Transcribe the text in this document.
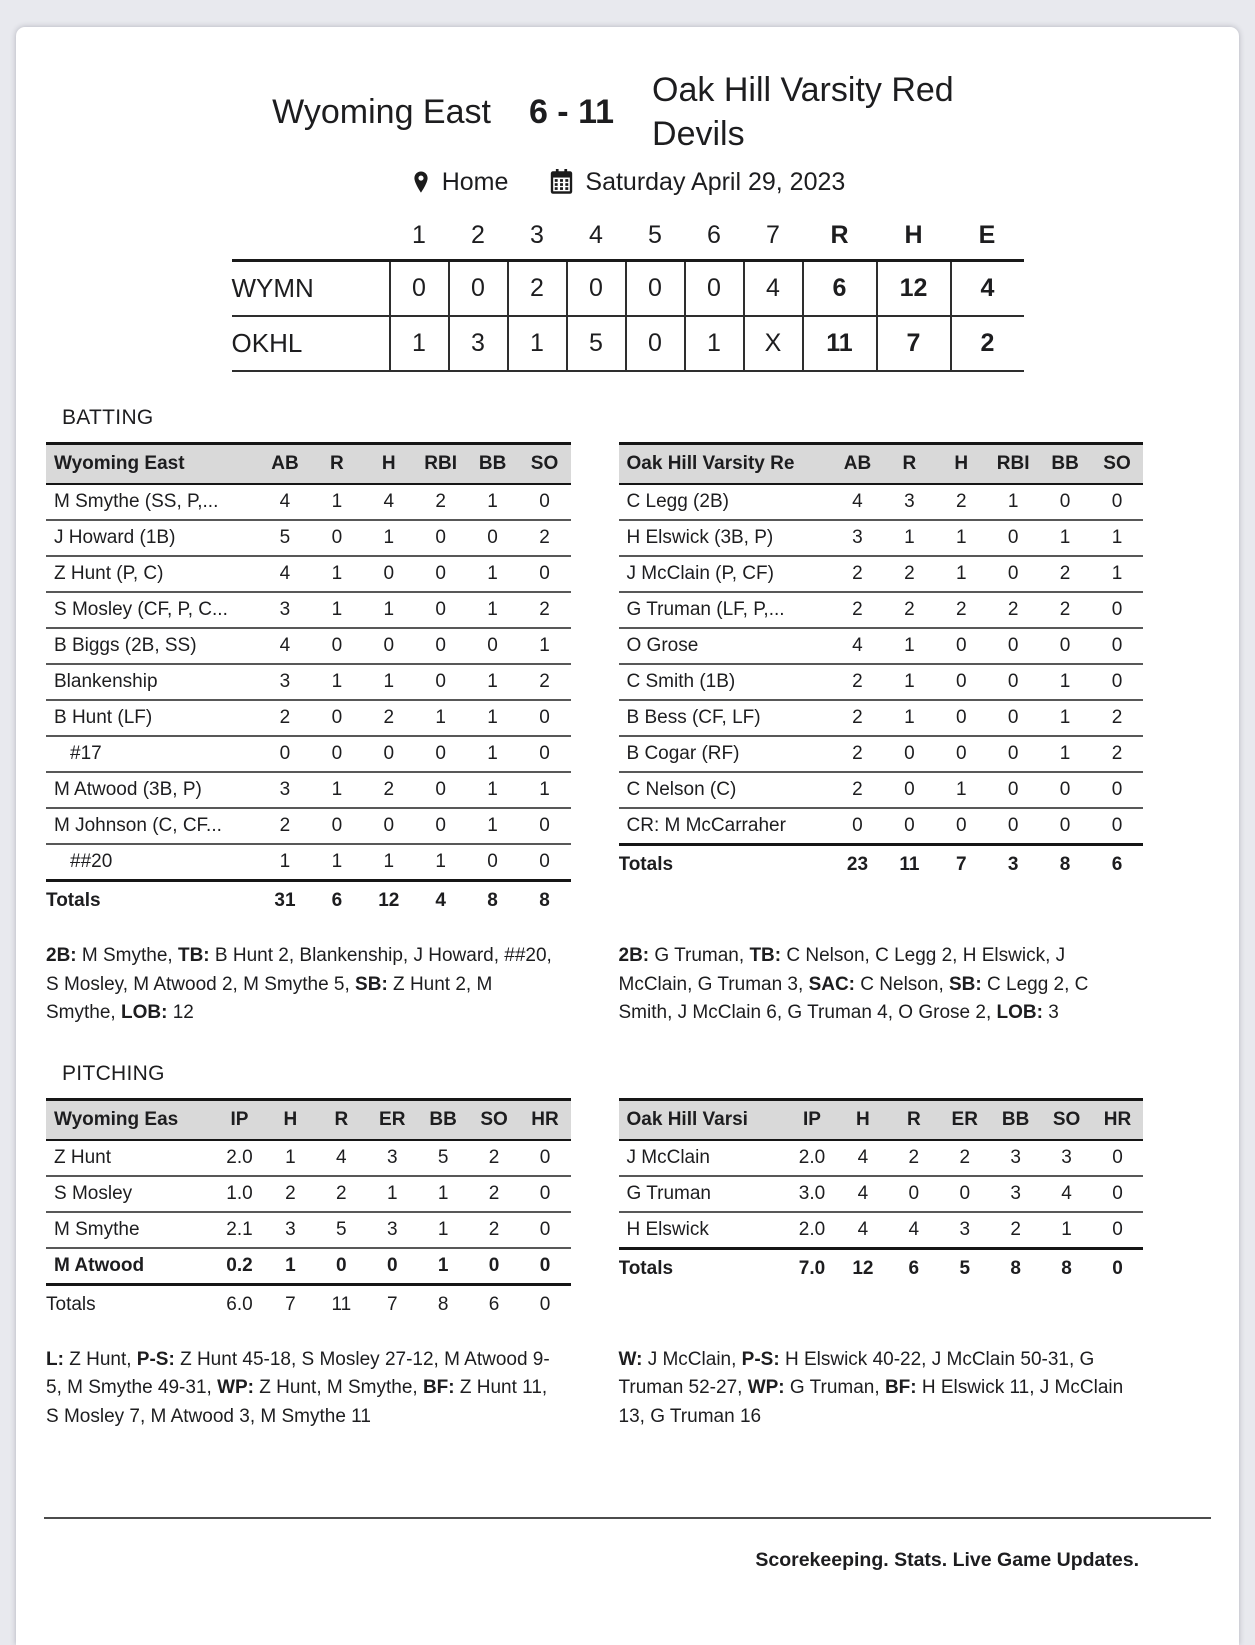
Wyoming East 6 - 11
Oak Hill Varsity Red Devils
Home	Saturday April 29, 2023
	1	2	3	4	5	6	7	R	H	E
WYMN	0	0	2	0	0	0	4	6	12	4
OKHL	1	3	1	5	0	1	X	11	7	2
BATTING
Wyoming East	AB	R	H	RBI	BB	SO
M Smythe (SS, P,...	4	1	4	2	1	0
J Howard (1B)	5	0	1	0	0	2
Z Hunt (P, C)	4	1	0	0	1	0
S Mosley (CF, P, C...	3	1	1	0	1	2
B Biggs (2B, SS)	4	0	0	0	0	1
Blankenship	3	1	1	0	1	2
B Hunt (LF)	2	0	2	1	1	0
#17	0	0	0	0	1	0
M Atwood (3B, P)	3	1	2	0	1	1
M Johnson (C, CF...	2	0	0	0	1	0
##20	1	1	1	1	0	0
Totals	31	6	12	4	8	8

2B: M Smythe, TB: B Hunt 2, Blankenship, J Howard, ##20, S Mosley, M Atwood 2, M Smythe 5, SB: Z Hunt 2, M Smythe, LOB: 12

Oak Hill Varsity Re	AB	R	H	RBI	BB	SO
C Legg (2B)	4	3	2	1	0	0
H Elswick (3B, P)	3	1	1	0	1	1
J McClain (P, CF)	2	2	1	0	2	1
G Truman (LF, P,...	2	2	2	2	2	0
O Grose	4	1	0	0	0	0
C Smith (1B)	2	1	0	0	1	0
B Bess (CF, LF)	2	1	0	0	1	2
B Cogar (RF)	2	0	0	0	1	2
C Nelson (C)	2	0	1	0	0	0
CR: M McCarraher	0	0	0	0	0	0
Totals	23	11	7	3	8	6

2B: G Truman, TB: C Nelson, C Legg 2, H Elswick, J McClain, G Truman 3, SAC: C Nelson, SB: C Legg 2, C Smith, J McClain 6, G Truman 4, O Grose 2, LOB: 3

PITCHING
Wyoming Eas	IP	H	R	ER	BB	SO	HR
Z Hunt	2.0	1	4	3	5	2	0
S Mosley	1.0	2	2	1	1	2	0
M Smythe	2.1	3	5	3	1	2	0
M Atwood	0.2	1	0	0	1	0	0
Totals	6.0	7	11	7	8	6	0

L: Z Hunt, P-S: Z Hunt 45-18, S Mosley 27-12, M Atwood 9-5, M Smythe 49-31, WP: Z Hunt, M Smythe, BF: Z Hunt 11, S Mosley 7, M Atwood 3, M Smythe 11

Oak Hill Varsi	IP	H	R	ER	BB	SO	HR
J McClain	2.0	4	2	2	3	3	0
G Truman	3.0	4	0	0	3	4	0
H Elswick	2.0	4	4	3	2	1	0
Totals	7.0	12	6	5	8	8	0

W: J McClain, P-S: H Elswick 40-22, J McClain 50-31, G Truman 52-27, WP: G Truman, BF: H Elswick 11, J McClain 13, G Truman 16

Scorekeeping. Stats. Live Game Updates.
